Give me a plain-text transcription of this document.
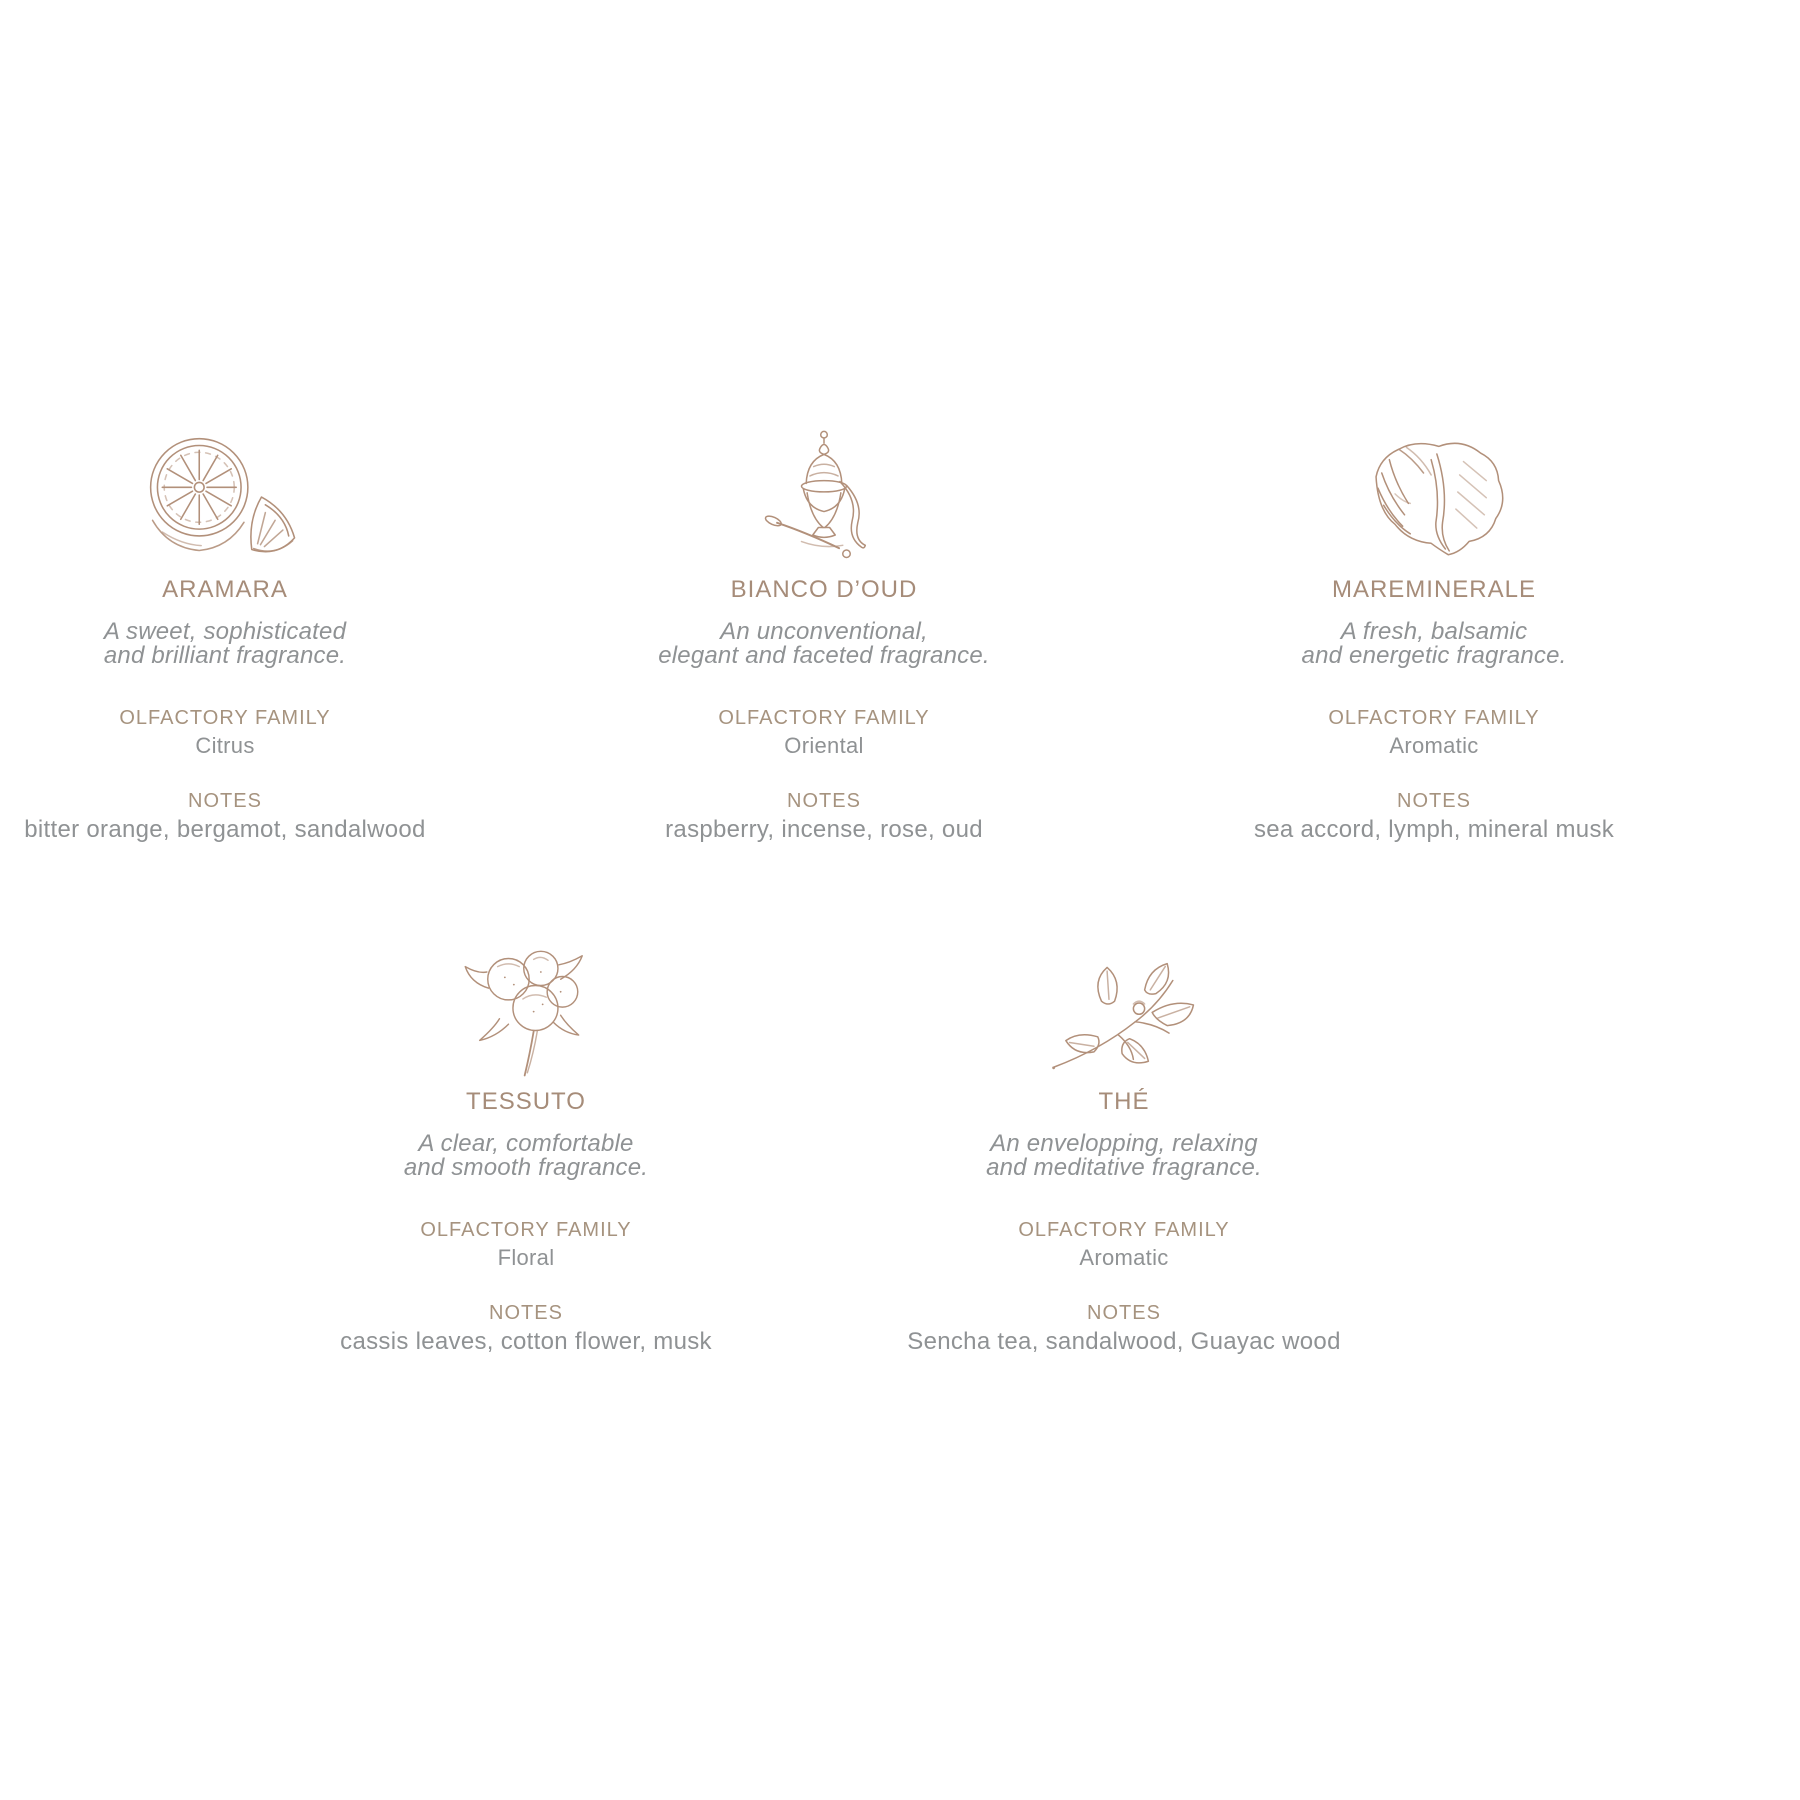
ARAMARA

A sweet, sophisticated
and brilliant fragrance.

OLFACTORY FAMILY
Citrus
NOTES
bitter orange, bergamot, sandalwood
BIANCO D’OUD

An unconventional,
elegant and faceted fragrance.

OLFACTORY FAMILY
Oriental
NOTES
raspberry, incense, rose, oud
MAREMINERALE

A fresh, balsamic
and energetic fragrance.

OLFACTORY FAMILY
Aromatic
NOTES
sea accord, lymph, mineral musk
TESSUTO

A clear, comfortable
and smooth fragrance.

OLFACTORY FAMILY
Floral
NOTES
cassis leaves, cotton flower, musk
THÉ

An envelopping, relaxing
and meditative fragrance.

OLFACTORY FAMILY
Aromatic
NOTES
Sencha tea, sandalwood, Guayac wood
